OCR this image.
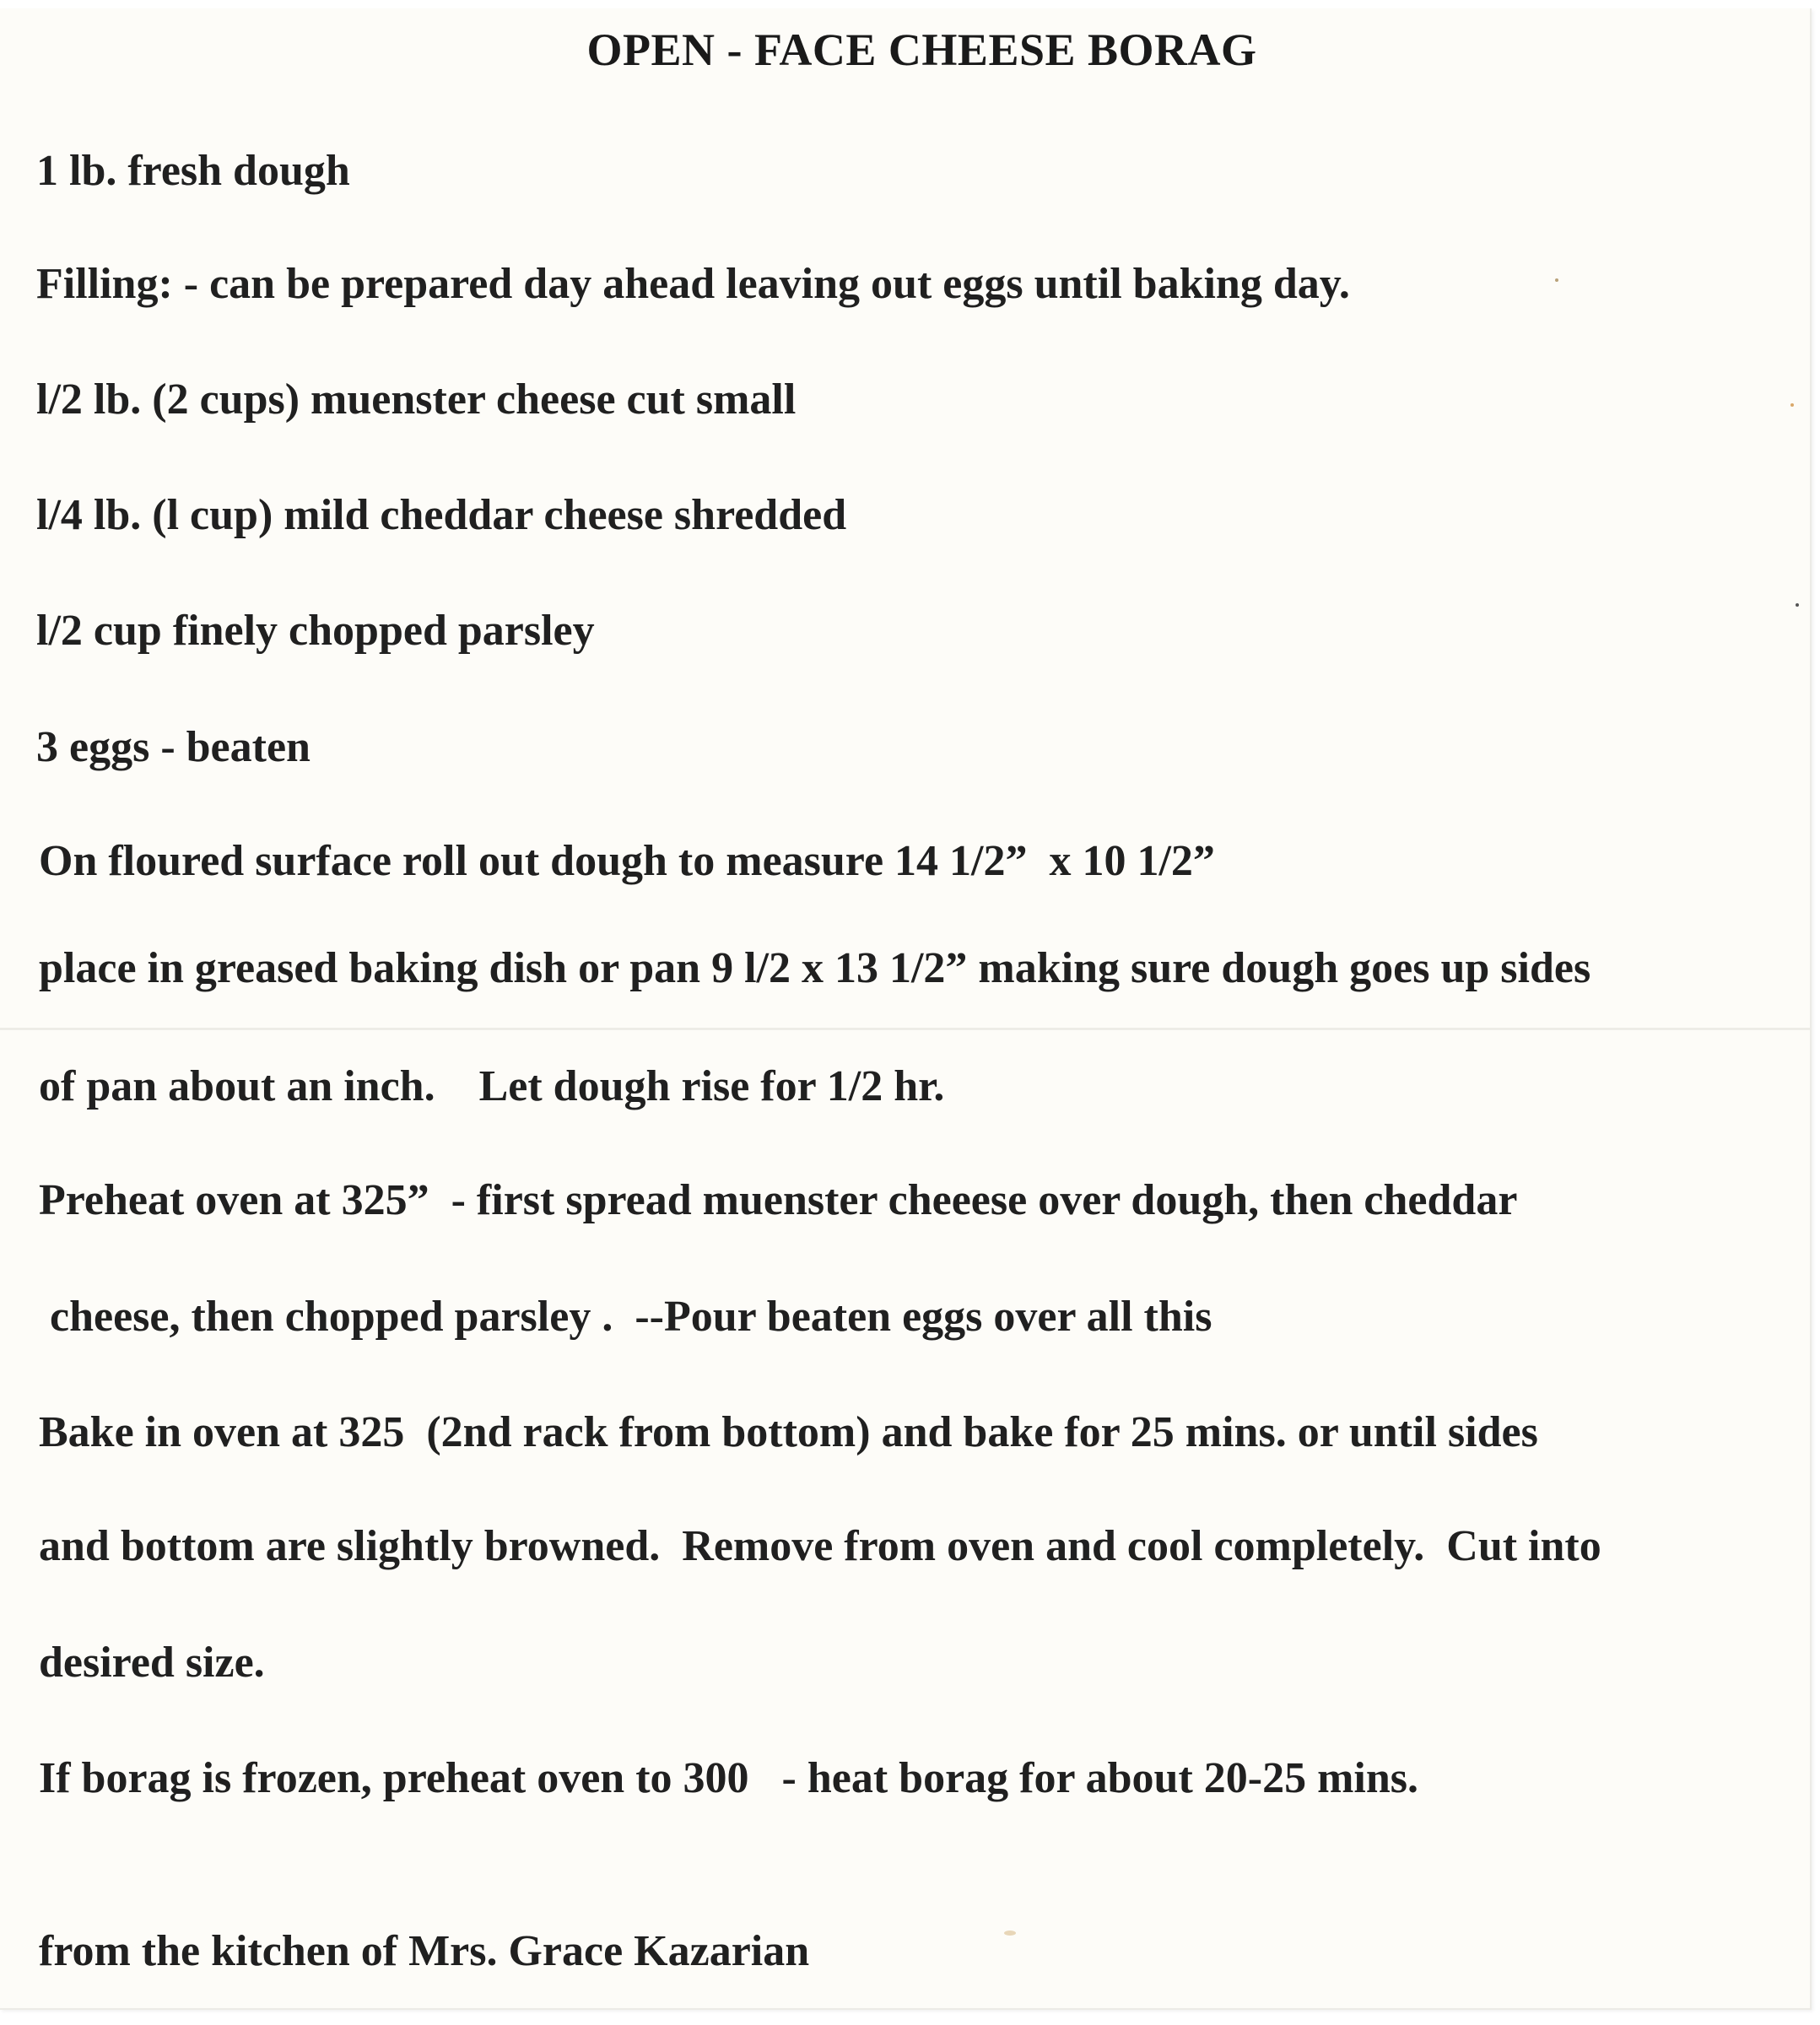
OPEN - FACE CHEESE BORAG
1 lb. fresh dough
Filling: - can be prepared day ahead leaving out eggs until baking day.
l/2 lb. (2 cups) muenster cheese cut small
l/4 lb. (l cup) mild cheddar cheese shredded
l/2 cup finely chopped parsley
3 eggs - beaten
On floured surface roll out dough to measure 14 1/2”  x 10 1/2”
place in greased baking dish or pan 9 l/2 x 13 1/2” making sure dough goes up sides
of pan about an inch.    Let dough rise for 1/2 hr.
Preheat oven at 325”  - first spread muenster cheeese over dough, then cheddar
cheese, then chopped parsley .  --Pour beaten eggs over all this
Bake in oven at 325  (2nd rack from bottom) and bake for 25 mins. or until sides
and bottom are slightly browned.  Remove from oven and cool completely.  Cut into
desired size.
If borag is frozen, preheat oven to 300   - heat borag for about 20-25 mins.
from the kitchen of Mrs. Grace Kazarian
